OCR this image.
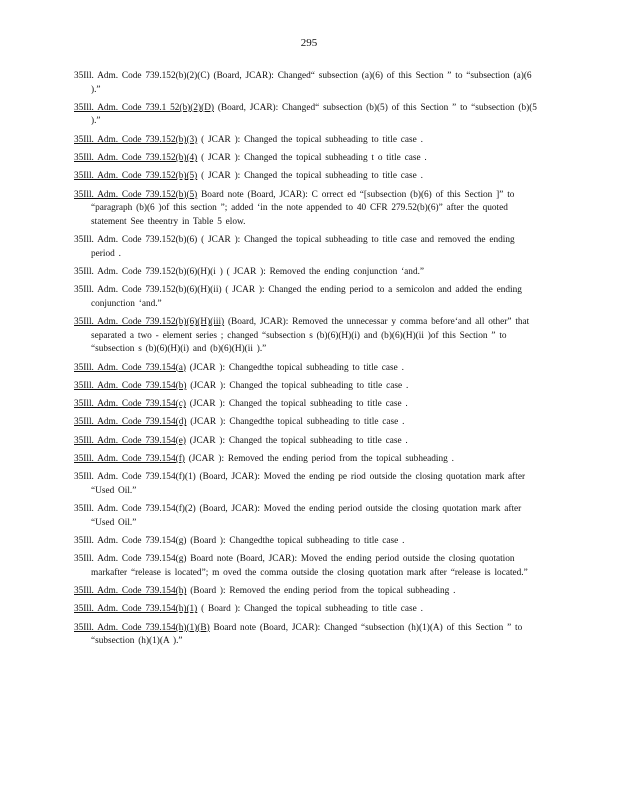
295
35Ill. Adm. Code 739.152(b)(2)(C) (Board, JCAR): Changed“ subsection (a)(6) of this Section ” to “subsection (a)(6 ).”
35Ill. Adm. Code 739.1 52(b)(2)(D) (Board, JCAR): Changed“ subsection (b)(5) of this Section ” to “subsection (b)(5 ).”
35Ill. Adm. Code 739.152(b)(3) ( JCAR ): Changed the topical subheading to title case .
35Ill. Adm. Code 739.152(b)(4) ( JCAR ): Changed the topical subheading t o title case .
35Ill. Adm. Code 739.152(b)(5) ( JCAR ): Changed the topical subheading to title case .
35Ill. Adm. Code 739.152(b)(5) Board note (Board, JCAR): C orrect ed “[subsection (b)(6) of this Section ]” to “paragraph (b)(6 )of this section ”; added ‘in the note appended to 40 CFR 279.52(b)(6)” after the quoted statement See theentry in Table 5 elow.
35Ill. Adm. Code 739.152(b)(6) ( JCAR ): Changed the topical subheading to title case and removed the ending period .
35Ill. Adm. Code 739.152(b)(6)(H)(i ) ( JCAR ): Removed the ending conjunction ‘and.”
35Ill. Adm. Code 739.152(b)(6)(H)(ii) ( JCAR ): Changed the ending period to a semicolon and added the ending conjunction ‘and.”
35Ill. Adm. Code 739.152(b)(6)(H)(iii) (Board, JCAR): Removed the unnecessar y comma before‘and all other” that separated a two - element series ; changed “subsection s (b)(6)(H)(i) and (b)(6)(H)(ii )of this Section ” to “subsection s (b)(6)(H)(i) and (b)(6)(H)(ii ).”
35Ill. Adm. Code 739.154(a) (JCAR ): Changedthe topical subheading to title case .
35Ill. Adm. Code 739.154(b) (JCAR ): Changed the topical subheading to title case .
35Ill. Adm. Code 739.154(c) (JCAR ): Changed the topical subheading to title case .
35Ill. Adm. Code 739.154(d) (JCAR ): Changedthe topical subheading to title case .
35Ill. Adm. Code 739.154(e) (JCAR ): Changed the topical subheading to title case .
35Ill. Adm. Code 739.154(f) (JCAR ): Removed the ending period from the topical subheading .
35Ill. Adm. Code 739.154(f)(1) (Board, JCAR): Moved the ending pe riod outside the closing quotation mark after “Used Oil.”
35Ill. Adm. Code 739.154(f)(2) (Board, JCAR): Moved the ending period outside the closing quotation mark after “Used Oil.”
35Ill. Adm. Code 739.154(g) (Board ): Changedthe topical subheading to title case .
35Ill. Adm. Code 739.154(g) Board note (Board, JCAR): Moved the ending period outside the closing quotation markafter “release is located”; m oved the comma outside the closing quotation mark after “release is located.”
35Ill. Adm. Code 739.154(h) (Board ): Removed the ending period from the topical subheading .
35Ill. Adm. Code 739.154(h)(1) ( Board ): Changed the topical subheading to title case .
35Ill. Adm. Code 739.154(h)(1)(B) Board note (Board, JCAR): Changed “subsection (h)(1)(A) of this Section ” to “subsection (h)(1)(A ).”
